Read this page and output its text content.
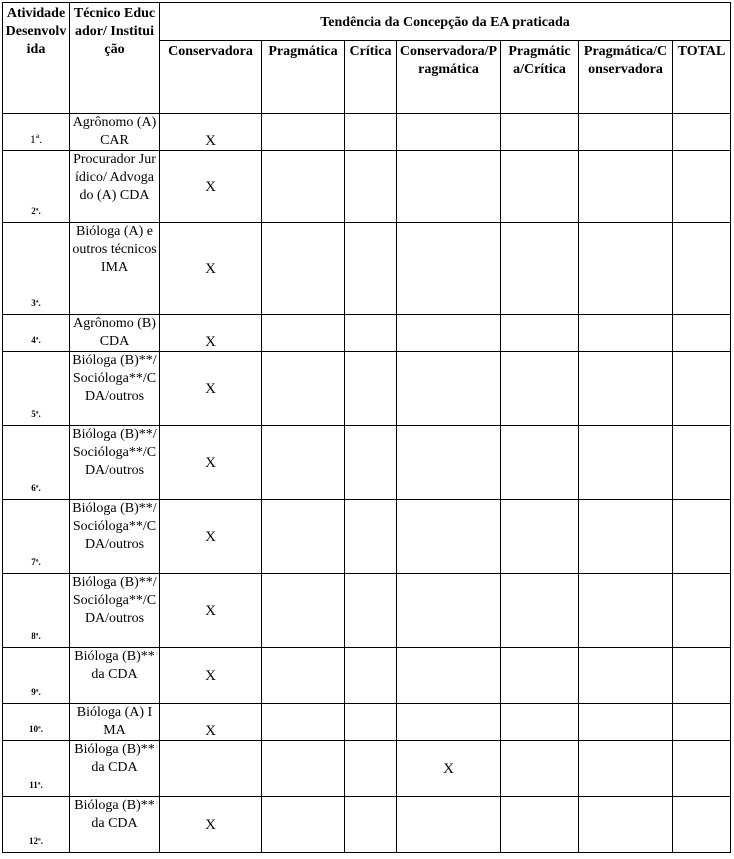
Atividade Desenvolvida	Técnico Educador/ Instituição	Tendência da Concepção da EA praticada						
		Conservadora	Pragmática	Crítica	Conservadora/Pragmática	Pragmática/Crítica	Pragmática/Conservadora	TOTAL
1ª.	Agrônomo (A) CAR	X						
2ª.	Procurador Jurídico/ Advogado (A) CDA	X						
3ª.	Bióloga (A) e outros técnicos IMA	X						
4ª.	Agrônomo (B) CDA	X						
5ª.	Bióloga (B)**/Socióloga**/CDA/outros	X						
6ª.	Bióloga (B)**/Socióloga**/CDA/outros	X						
7ª.	Bióloga (B)**/Socióloga**/CDA/outros	X						
8ª.	Bióloga (B)**/Socióloga**/CDA/outros	X						
9ª.	Bióloga (B)** da CDA	X						
10ª.	Bióloga (A) IMA	X						
11ª.	Bióloga (B)** da CDA				X			
12ª.	Bióloga (B)** da CDA	X						
